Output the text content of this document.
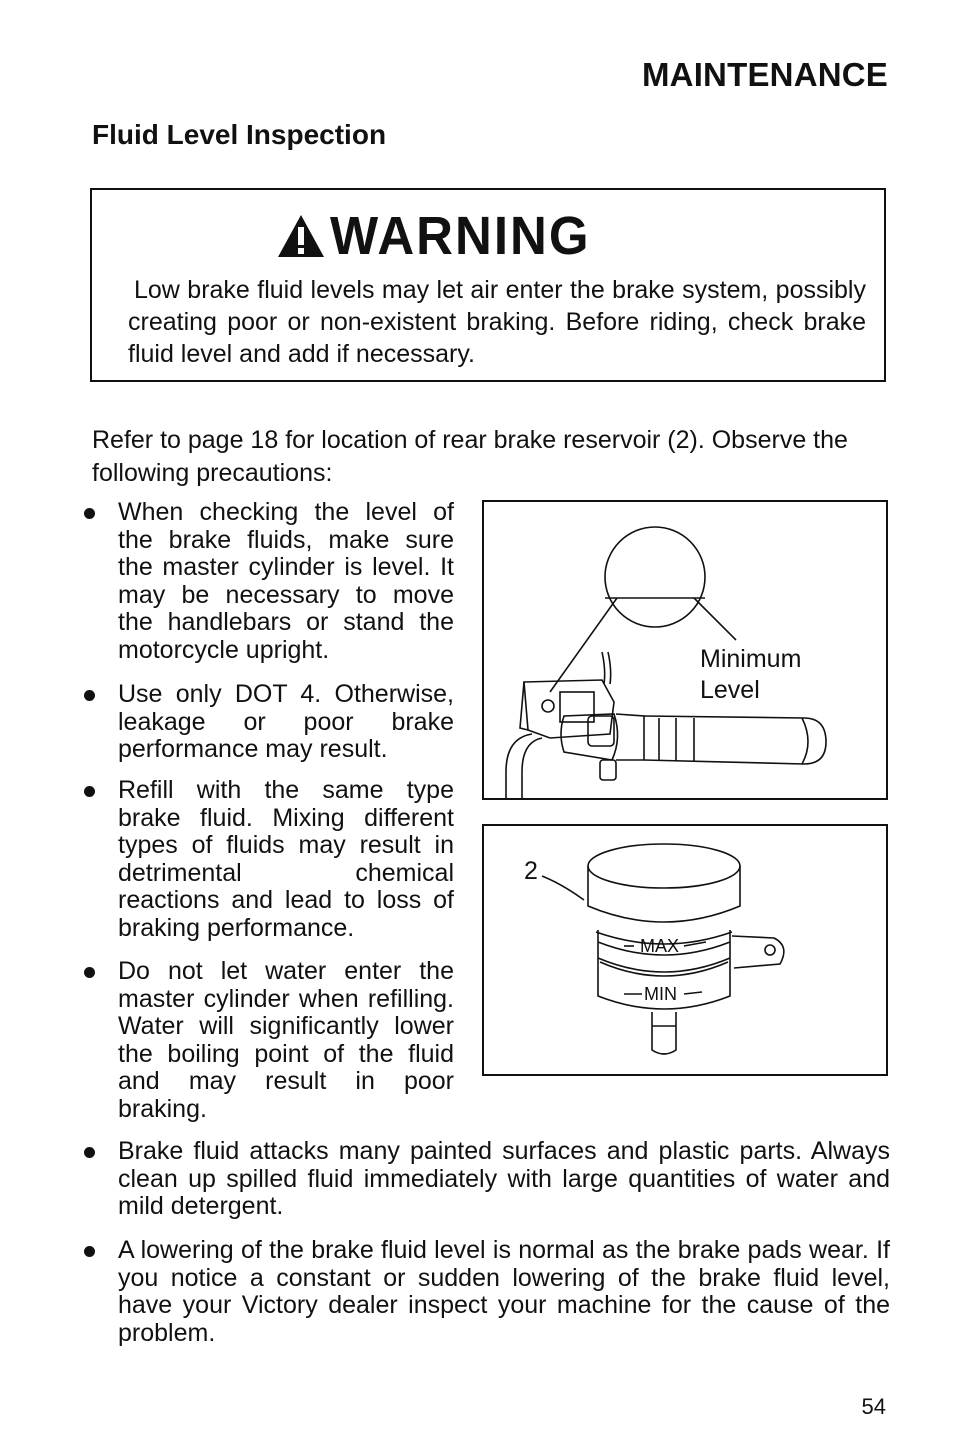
MAINTENANCE
Fluid Level Inspection
WARNING
Low brake fluid levels may let air enter the brake system, possibly creating poor or non-existent braking. Before riding, check brake fluid level and add if necessary.
Refer to page 18 for location of rear brake reservoir (2). Observe the following precautions:
When checking the level of the brake fluids, make sure the master cylinder is level. It may be necessary to move the handlebars or stand the motorcycle upright.
Use only DOT 4. Otherwise, leakage or poor brake performance may result.
Refill with the same type brake fluid. Mixing different types of fluids may result in detrimental chemical reactions and lead to loss of braking performance.
Do not let water enter the master cylinder when refilling. Water will significantly lower the boiling point of the fluid and may result in poor braking.
Brake fluid attacks many painted surfaces and plastic parts. Always clean up spilled fluid immediately with large quantities of water and mild detergent.
A lowering of the brake fluid level is normal as the brake pads wear. If you notice a constant or sudden lowering of the brake fluid level, have your Victory dealer inspect your machine for the cause of the problem.
Minimum
Level
2
MAX
MIN
54
